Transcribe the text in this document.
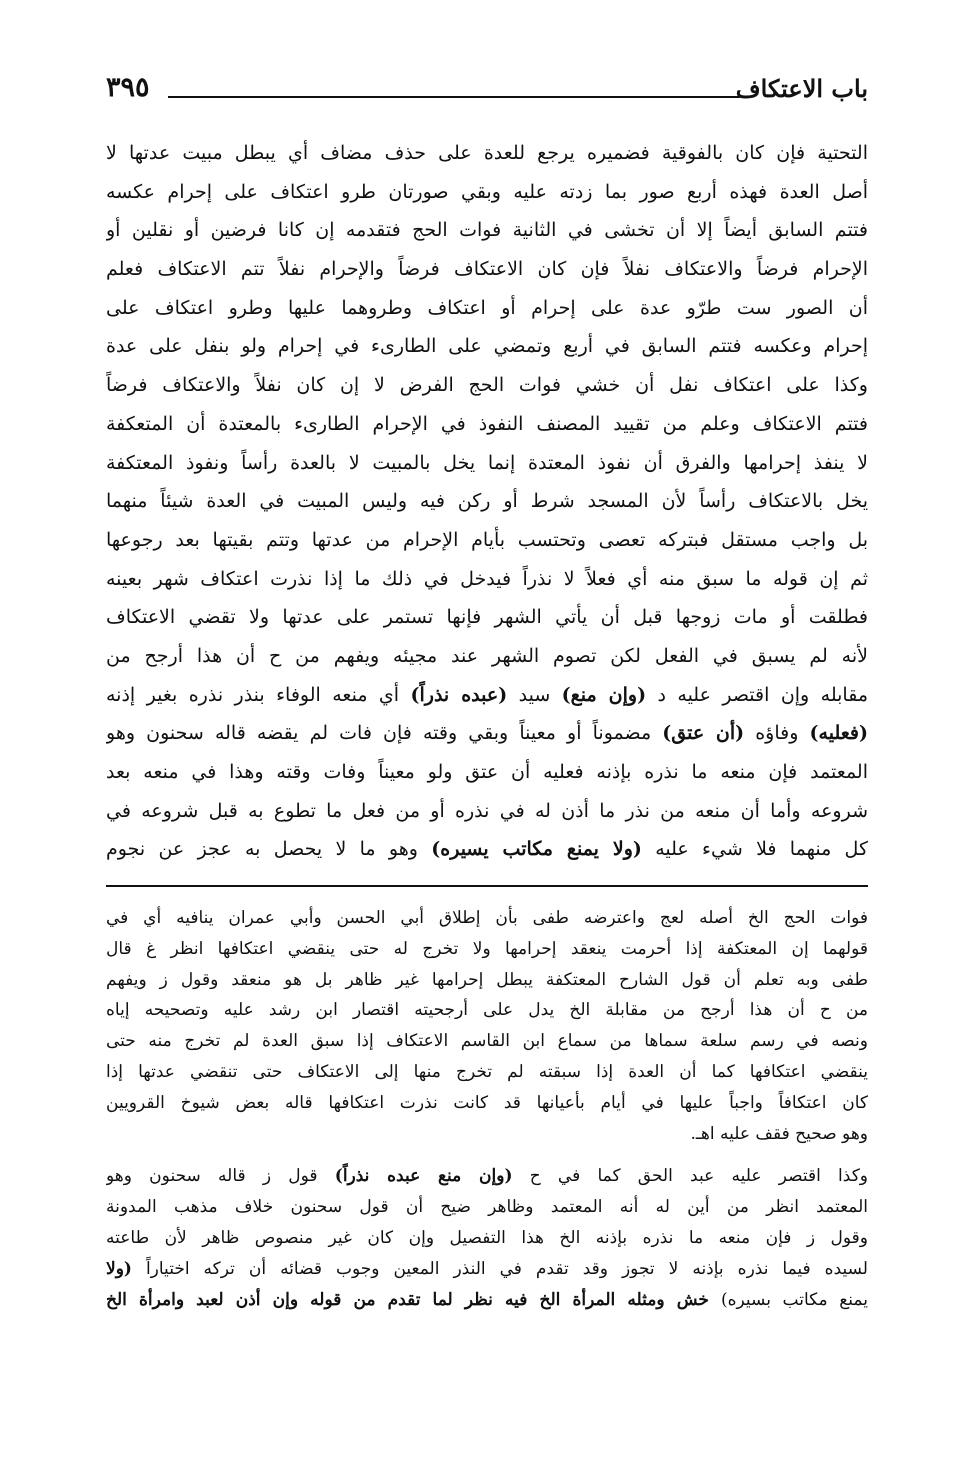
٣٩٥	باب الاعتكاف
التحتية فإن كان بالفوقية فضميره يرجع للعدة على حذف مضاف أي يبطل مبيت عدتها لا
أصل العدة فهذه أربع صور بما زدته عليه وبقي صورتان طرو اعتكاف على إحرام عكسه
فتتم السابق أيضاً إلا أن تخشى في الثانية فوات الحج فتقدمه إن كانا فرضين أو نقلين أو
الإحرام فرضاً والاعتكاف نفلاً فإن كان الاعتكاف فرضاً والإحرام نفلاً تتم الاعتكاف فعلم
أن الصور ست طرّو عدة على إحرام أو اعتكاف وطروهما عليها وطرو اعتكاف على
إحرام وعكسه فتتم السابق في أربع وتمضي على الطارىء في إحرام ولو بنفل على عدة
وكذا على اعتكاف نفل أن خشي فوات الحج الفرض لا إن كان نفلاً والاعتكاف فرضاً
فتتم الاعتكاف وعلم من تقييد المصنف النفوذ في الإحرام الطارىء بالمعتدة أن المتعكفة
لا ينفذ إحرامها والفرق أن نفوذ المعتدة إنما يخل بالمبيت لا بالعدة رأساً ونفوذ المعتكفة
يخل بالاعتكاف رأساً لأن المسجد شرط أو ركن فيه وليس المبيت في العدة شيئاً منهما
بل واجب مستقل فبتركه تعصى وتحتسب بأيام الإحرام من عدتها وتتم بقيتها بعد رجوعها
ثم إن قوله ما سبق منه أي فعلاً لا نذراً فيدخل في ذلك ما إذا نذرت اعتكاف شهر بعينه
فطلقت أو مات زوجها قبل أن يأتي الشهر فإنها تستمر على عدتها ولا تقضي الاعتكاف
لأنه لم يسبق في الفعل لكن تصوم الشهر عند مجيئه ويفهم من ح أن هذا أرجح من
مقابله وإن اقتصر عليه د (وإن منع) سيد (عبده نذراً) أي منعه الوفاء بنذر نذره بغير إذنه
(فعليه) وفاؤه (أن عتق) مضموناً أو معيناً وبقي وقته فإن فات لم يقضه قاله سحنون وهو
المعتمد فإن منعه ما نذره بإذنه فعليه أن عتق ولو معيناً وفات وقته وهذا في منعه بعد
شروعه وأما أن منعه من نذر ما أذن له في نذره أو من فعل ما تطوع به قبل شروعه في
كل منهما فلا شيء عليه (ولا يمنع مكاتب يسيره) وهو ما لا يحصل به عجز عن نجوم
فوات الحج الخ أصله لعج واعترضه طفى بأن إطلاق أبي الحسن وأبي عمران ينافيه أي في
قولهما إن المعتكفة إذا أحرمت ينعقد إحرامها ولا تخرج له حتى ينقضي اعتكافها انظر غ قال
طفى وبه تعلم أن قول الشارح المعتكفة يبطل إحرامها غير ظاهر بل هو منعقد وقول ز ويفهم
من ح أن هذا أرجح من مقابلة الخ يدل على أرجحيته اقتصار ابن رشد عليه وتصحيحه إياه
ونصه في رسم سلعة سماها من سماع ابن القاسم الاعتكاف إذا سبق العدة لم تخرج منه حتى
ينقضي اعتكافها كما أن العدة إذا سبقته لم تخرج منها إلى الاعتكاف حتى تنقضي عدتها إذا
كان اعتكافاً واجباً عليها في أيام بأعيانها قد كانت نذرت اعتكافها قاله بعض شيوخ القرويين
وهو صحيح فقف عليه اهـ.
وكذا اقتصر عليه عبد الحق كما في ح (وإن منع عبده نذراً) قول ز قاله سحنون وهو
المعتمد انظر من أين له أنه المعتمد وظاهر ضيح أن قول سحنون خلاف مذهب المدونة
وقول ز فإن منعه ما نذره بإذنه الخ هذا التفصيل وإن كان غير منصوص ظاهر لأن طاعته
لسيده فيما نذره بإذنه لا تجوز وقد تقدم في النذر المعين وجوب قضائه أن تركه اختياراً (ولا
يمنع مكاتب بسيره) خش ومثله المرأة الخ فيه نظر لما تقدم من قوله وإن أذن لعبد وامرأة الخ
